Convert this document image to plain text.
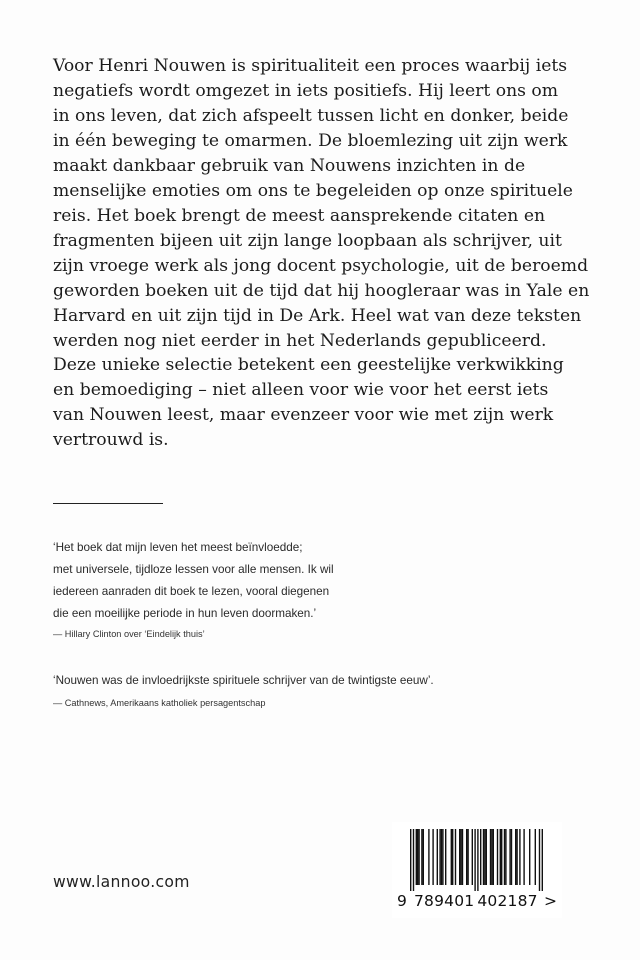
Voor Henri Nouwen is spiritualiteit een proces waarbij iets
negatiefs wordt omgezet in iets positiefs. Hij leert ons om
in ons leven, dat zich afspeelt tussen licht en donker, beide
in één beweging te omarmen. De bloemlezing uit zijn werk
maakt dankbaar gebruik van Nouwens inzichten in de
menselijke emoties om ons te begeleiden op onze spirituele
reis. Het boek brengt de meest aansprekende citaten en
fragmenten bijeen uit zijn lange loopbaan als schrijver, uit
zijn vroege werk als jong docent psychologie, uit de beroemd
geworden boeken uit de tijd dat hij hoogleraar was in Yale en
Harvard en uit zijn tijd in De Ark. Heel wat van deze teksten
werden nog niet eerder in het Nederlands gepubliceerd.
Deze unieke selectie betekent een geestelijke verkwikking
en bemoediging – niet alleen voor wie voor het eerst iets
van Nouwen leest, maar evenzeer voor wie met zijn werk
vertrouwd is.
‘Het boek dat mijn leven het meest beïnvloedde;
met universele, tijdloze lessen voor alle mensen. Ik wil
iedereen aanraden dit boek te lezen, vooral diegenen
die een moeilijke periode in hun leven doormaken.’
— Hillary Clinton over ‘Eindelijk thuis’
‘Nouwen was de invloedrijkste spirituele schrijver van de twintigste eeuw’.
— Cathnews, Amerikaans katholiek persagentschap
www.lannoo.com
9 789401 402187 >
